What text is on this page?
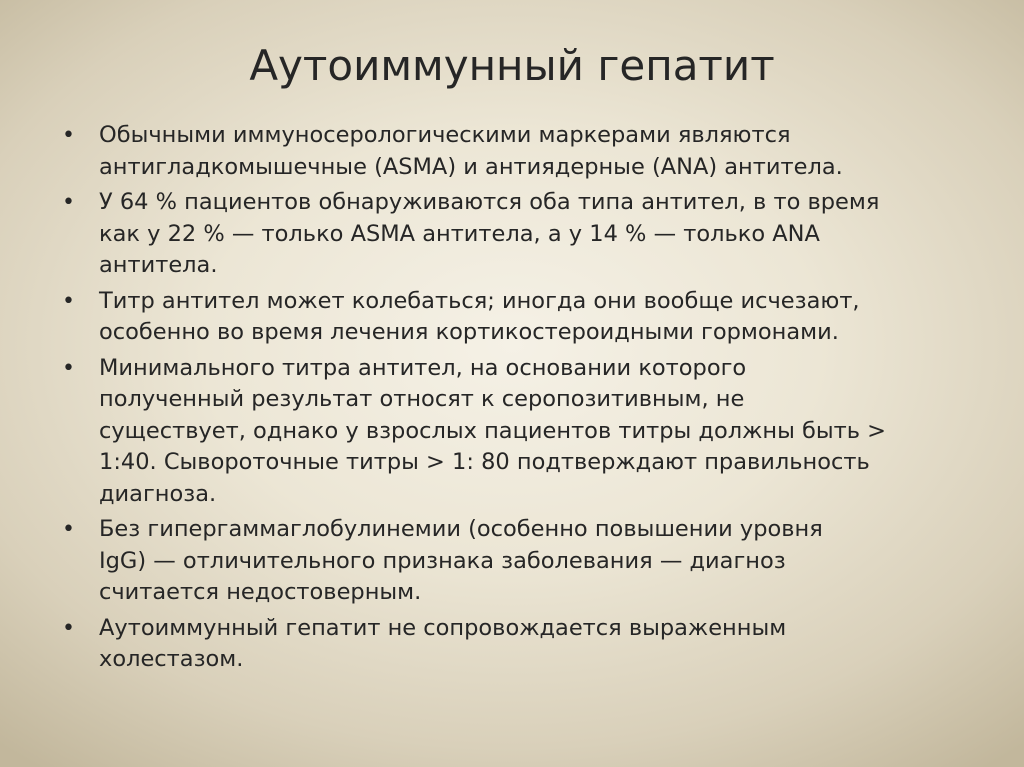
Аутоиммунный гепатит
•	Обычными иммуносерологическими маркерами являются
антигладкомышечные (ASMA) и антиядерные (ANA) антитела.
•	У 64 % пациентов обнаруживаются оба типа антител, в то время
как у 22 % — только ASMA антитела, а у 14 % — только ANA
антитела.
•	Титр антител может колебаться; иногда они вообще исчезают,
особенно во время лечения кортикостероидными гормонами.
•	Минимального титра антител, на основании которого
полученный результат относят к серопозитивным, не
существует, однако у взрослых пациентов титры должны быть >
1:40. Сывороточные титры > 1: 80 подтверждают правильность
диагноза.
•	Без гипергаммаглобулинемии (особенно повышении уровня
IgG) — отличительного признака заболевания — диагноз
считается недостоверным.
•	Аутоиммунный гепатит не сопровождается выраженным
холестазом.
